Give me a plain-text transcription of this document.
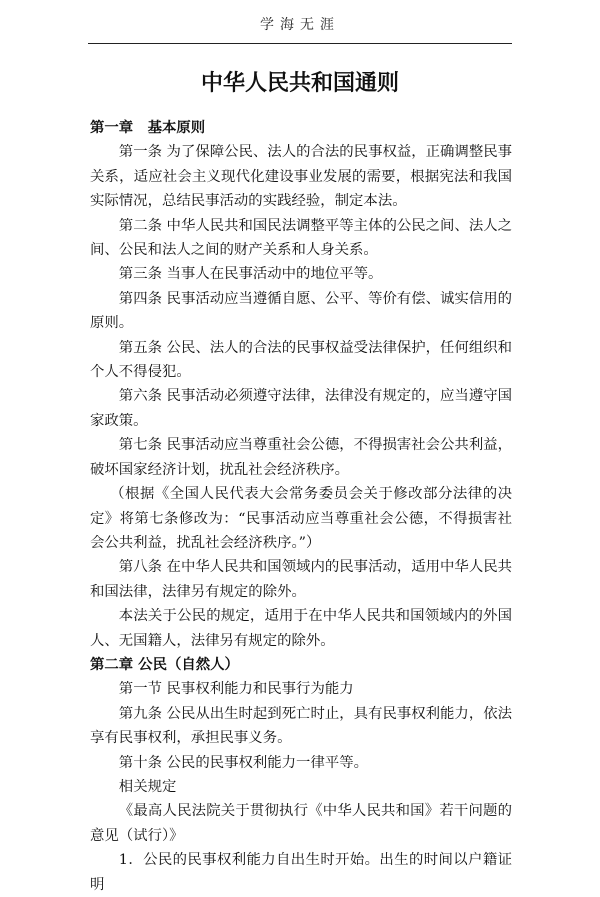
学海无涯
中华人民共和国通则

第一章　基本原则

第一条 为了保障公民、法人的合法的民事权益，正确调整民事关系，适应社会主义现代化建设事业发展的需要，根据宪法和我国实际情况，总结民事活动的实践经验，制定本法。

第二条 中华人民共和国民法调整平等主体的公民之间、法人之间、公民和法人之间的财产关系和人身关系。

第三条 当事人在民事活动中的地位平等。

第四条 民事活动应当遵循自愿、公平、等价有偿、诚实信用的原则。

第五条 公民、法人的合法的民事权益受法律保护，任何组织和个人不得侵犯。

第六条 民事活动必须遵守法律，法律没有规定的，应当遵守国家政策。

第七条 民事活动应当尊重社会公德，不得损害社会公共利益，破坏国家经济计划，扰乱社会经济秩序。

（根据《全国人民代表大会常务委员会关于修改部分法律的决定》将第七条修改为：“民事活动应当尊重社会公德，不得损害社会公共利益，扰乱社会经济秩序。”）

第八条 在中华人民共和国领域内的民事活动，适用中华人民共和国法律，法律另有规定的除外。

本法关于公民的规定，适用于在中华人民共和国领域内的外国人、无国籍人，法律另有规定的除外。

第二章 公民（自然人）

第一节 民事权利能力和民事行为能力

第九条 公民从出生时起到死亡时止，具有民事权利能力，依法享有民事权利，承担民事义务。

第十条 公民的民事权利能力一律平等。

相关规定

《最高人民法院关于贯彻执行《中华人民共和国》若干问题的意见（试行）》

1．公民的民事权利能力自出生时开始。出生的时间以户籍证明
